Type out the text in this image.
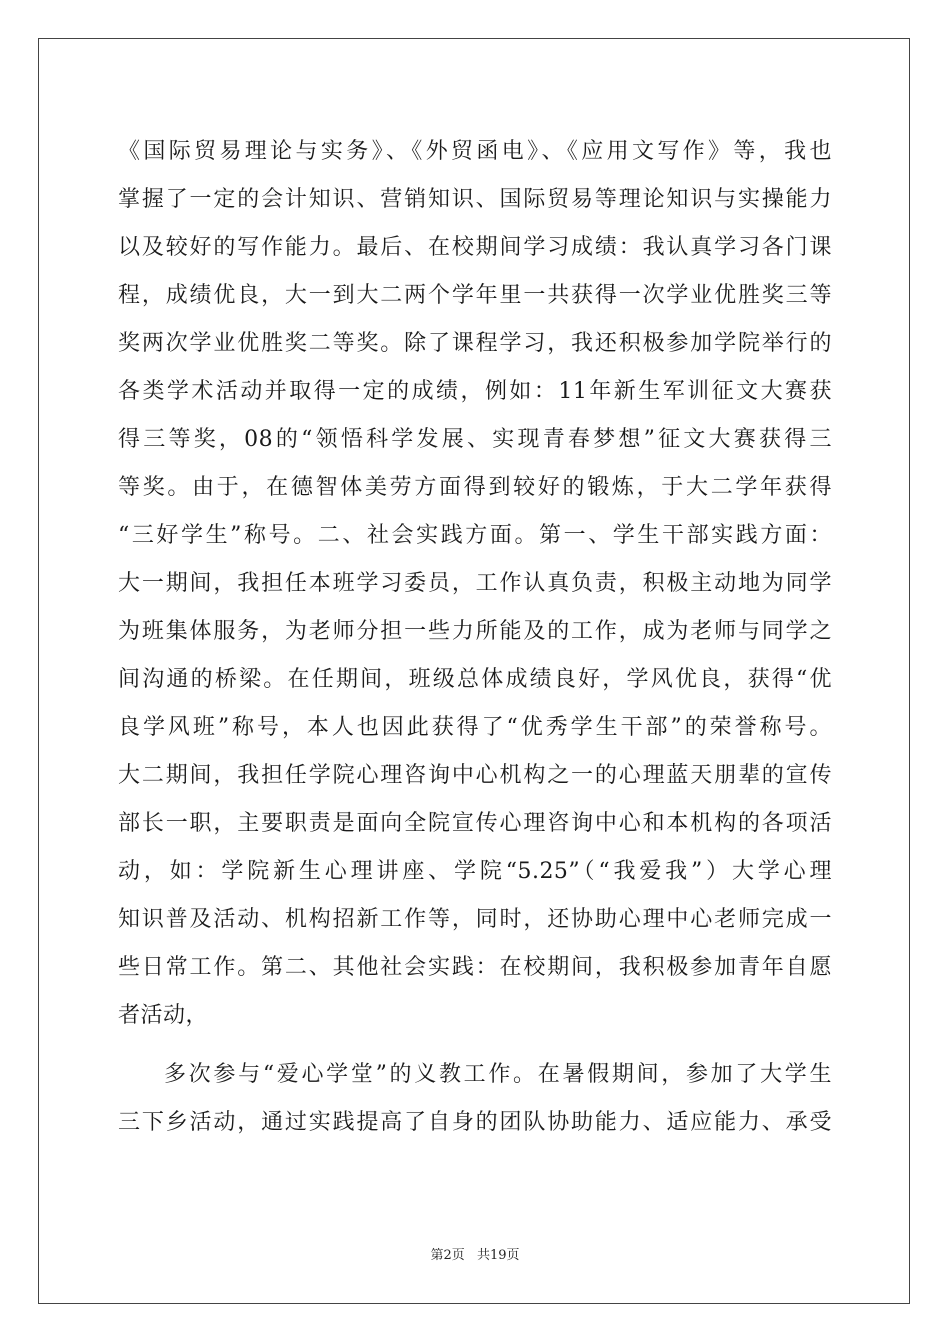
《国际贸易理论与实务》、《外贸函电》、《应用文写作》等，我也
掌握了一定的会计知识、营销知识、国际贸易等理论知识与实操能力
以及较好的写作能力。最后、在校期间学习成绩：我认真学习各门课
程，成绩优良，大一到大二两个学年里一共获得一次学业优胜奖三等
奖两次学业优胜奖二等奖。除了课程学习，我还积极参加学院举行的
各类学术活动并取得一定的成绩，例如：11年新生军训征文大赛获
得三等奖，08的“领悟科学发展、实现青春梦想”征文大赛获得三
等奖。由于，在德智体美劳方面得到较好的锻炼，于大二学年获得
“三好学生”称号。二、社会实践方面。第一、学生干部实践方面：
大一期间，我担任本班学习委员，工作认真负责，积极主动地为同学
为班集体服务，为老师分担一些力所能及的工作，成为老师与同学之
间沟通的桥梁。在任期间，班级总体成绩良好，学风优良，获得“优
良学风班”称号，本人也因此获得了“优秀学生干部”的荣誉称号。
大二期间，我担任学院心理咨询中心机构之一的心理蓝天朋辈的宣传
部长一职，主要职责是面向全院宣传心理咨询中心和本机构的各项活
动，如：学院新生心理讲座、学院“5.25”（“我爱我”）大学心理
知识普及活动、机构招新工作等，同时，还协助心理中心老师完成一
些日常工作。第二、其他社会实践：在校期间，我积极参加青年自愿
者活动，
多次参与“爱心学堂”的义教工作。在暑假期间，参加了大学生
三下乡活动，通过实践提高了自身的团队协助能力、适应能力、承受
第2页 共19页
